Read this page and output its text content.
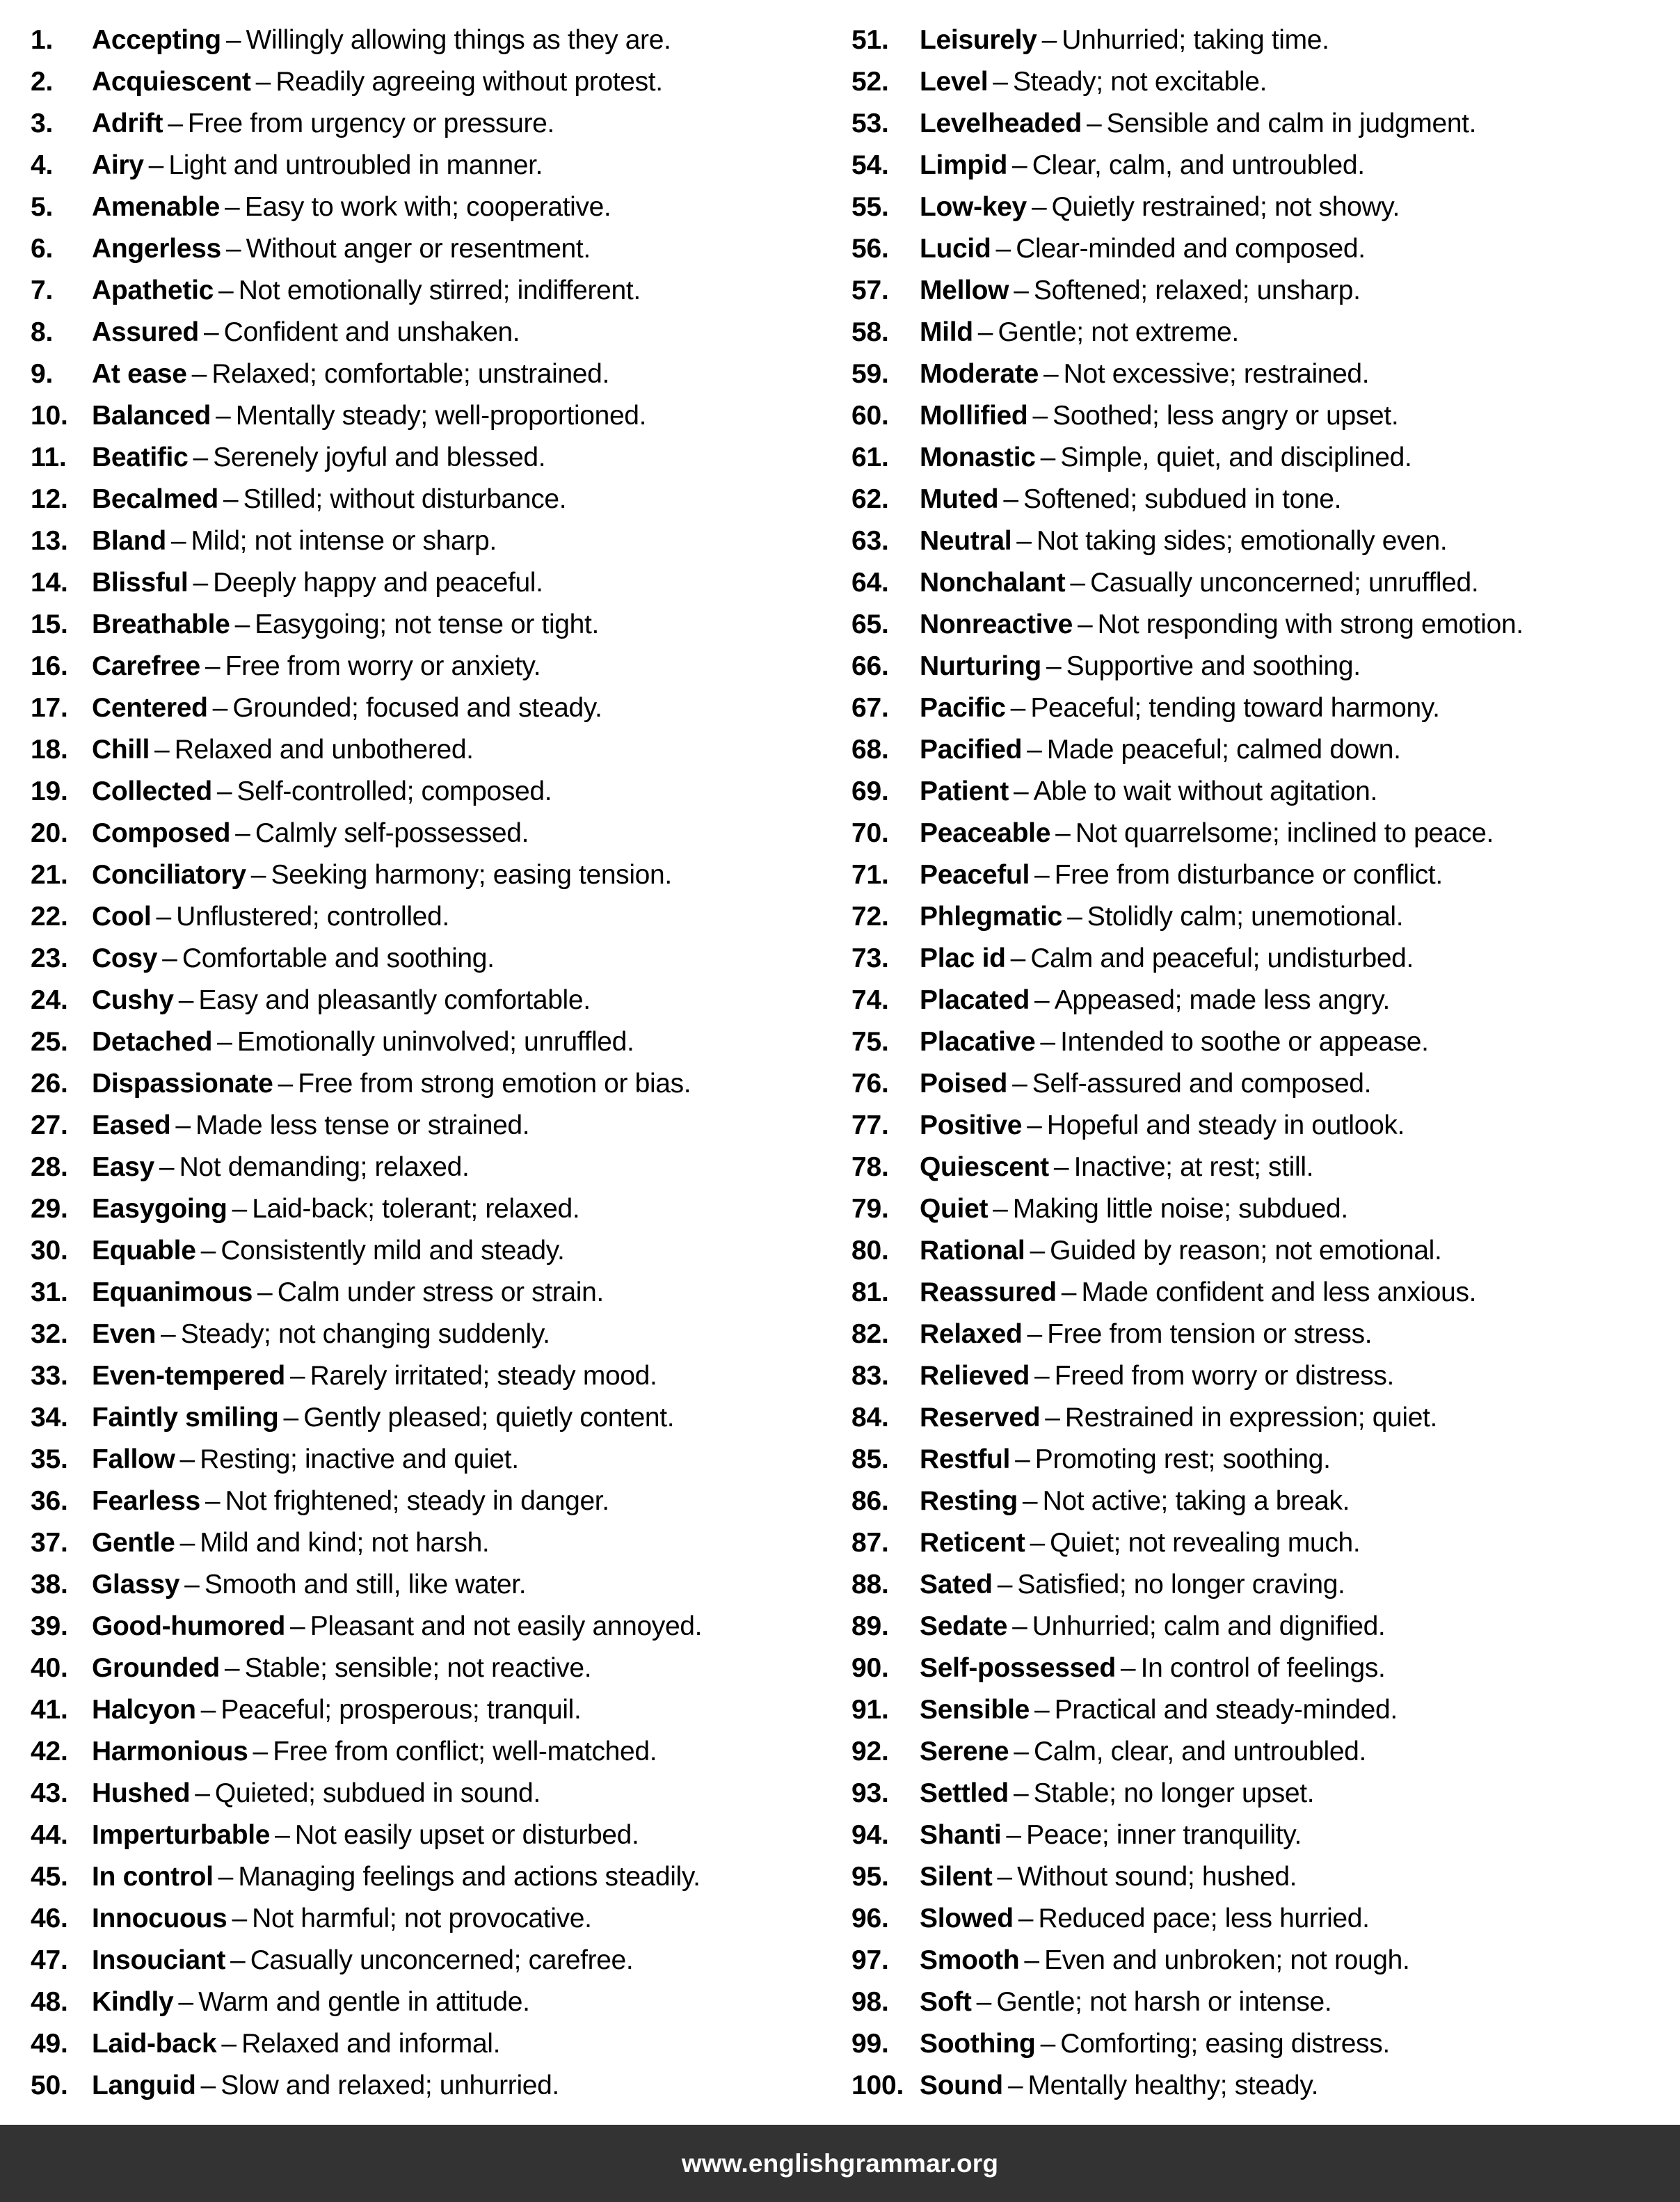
1.	Accepting – Willingly allowing things as they are.
2.	Acquiescent – Readily agreeing without protest.
3.	Adrift – Free from urgency or pressure.
4.	Airy – Light and untroubled in manner.
5.	Amenable – Easy to work with; cooperative.
6.	Angerless – Without anger or resentment.
7.	Apathetic – Not emotionally stirred; indifferent.
8.	Assured – Confident and unshaken.
9.	At ease – Relaxed; comfortable; unstrained.
10. Balanced – Mentally steady; well-proportioned.
11. Beatific – Serenely joyful and blessed.
12. Becalmed – Stilled; without disturbance.
13. Bland – Mild; not intense or sharp.
14. Blissful – Deeply happy and peaceful.
15. Breathable – Easygoing; not tense or tight.
16. Carefree – Free from worry or anxiety.
17. Centered – Grounded; focused and steady.
18. Chill – Relaxed and unbothered.
19. Collected – Self-controlled; composed.
20. Composed – Calmly self-possessed.
21. Conciliatory – Seeking harmony; easing tension.
22. Cool – Unflustered; controlled.
23. Cosy – Comfortable and soothing.
24. Cushy – Easy and pleasantly comfortable.
25. Detached – Emotionally uninvolved; unruffled.
26. Dispassionate – Free from strong emotion or bias.
27. Eased – Made less tense or strained.
28. Easy – Not demanding; relaxed.
29. Easygoing – Laid-back; tolerant; relaxed.
30. Equable – Consistently mild and steady.
31. Equanimous – Calm under stress or strain.
32. Even – Steady; not changing suddenly.
33. Even-tempered – Rarely irritated; steady mood.
34. Faintly smiling – Gently pleased; quietly content.
35. Fallow – Resting; inactive and quiet.
36. Fearless – Not frightened; steady in danger.
37. Gentle – Mild and kind; not harsh.
38. Glassy – Smooth and still, like water.
39. Good-humored – Pleasant and not easily annoyed.
40. Grounded – Stable; sensible; not reactive.
41. Halcyon – Peaceful; prosperous; tranquil.
42. Harmonious – Free from conflict; well-matched.
43. Hushed – Quieted; subdued in sound.
44. Imperturbable – Not easily upset or disturbed.
45. In control – Managing feelings and actions steadily.
46. Innocuous – Not harmful; not provocative.
47. Insouciant – Casually unconcerned; carefree.
48. Kindly – Warm and gentle in attitude.
49. Laid-back – Relaxed and informal.
50. Languid – Slow and relaxed; unhurried.
51.	Leisurely – Unhurried; taking time.
52.	Level – Steady; not excitable.
53.	Levelheaded – Sensible and calm in judgment.
54.	Limpid – Clear, calm, and untroubled.
55.	Low-key – Quietly restrained; not showy.
56.	Lucid – Clear-minded and composed.
57.	Mellow – Softened; relaxed; unsharp.
58.	Mild – Gentle; not extreme.
59.	Moderate – Not excessive; restrained.
60.	Mollified – Soothed; less angry or upset.
61.	Monastic – Simple, quiet, and disciplined.
62.	Muted – Softened; subdued in tone.
63.	Neutral – Not taking sides; emotionally even.
64.	Nonchalant – Casually unconcerned; unruffled.
65.	Nonreactive – Not responding with strong emotion.
66.	Nurturing – Supportive and soothing.
67.	Pacific – Peaceful; tending toward harmony.
68.	Pacified – Made peaceful; calmed down.
69.	Patient – Able to wait without agitation.
70.	Peaceable – Not quarrelsome; inclined to peace.
71.	Peaceful – Free from disturbance or conflict.
72.	Phlegmatic – Stolidly calm; unemotional.
73.	Plac id – Calm and peaceful; undisturbed.
74.	Placated – Appeased; made less angry.
75.	Placative – Intended to soothe or appease.
76.	Poised – Self-assured and composed.
77.	Positive – Hopeful and steady in outlook.
78.	Quiescent – Inactive; at rest; still.
79.	Quiet – Making little noise; subdued.
80.	Rational – Guided by reason; not emotional.
81.	Reassured – Made confident and less anxious.
82.	Relaxed – Free from tension or stress.
83.	Relieved – Freed from worry or distress.
84.	Reserved – Restrained in expression; quiet.
85.	Restful – Promoting rest; soothing.
86.	Resting – Not active; taking a break.
87.	Reticent – Quiet; not revealing much.
88.	Sated – Satisfied; no longer craving.
89.	Sedate – Unhurried; calm and dignified.
90.	Self-possessed – In control of feelings.
91.	Sensible – Practical and steady-minded.
92.	Serene – Calm, clear, and untroubled.
93.	Settled – Stable; no longer upset.
94.	Shanti – Peace; inner tranquility.
95.	Silent – Without sound; hushed.
96.	Slowed – Reduced pace; less hurried.
97.	Smooth – Even and unbroken; not rough.
98.	Soft – Gentle; not harsh or intense.
99.	Soothing – Comforting; easing distress.
100. Sound – Mentally healthy; steady.
www.englishgrammar.org
